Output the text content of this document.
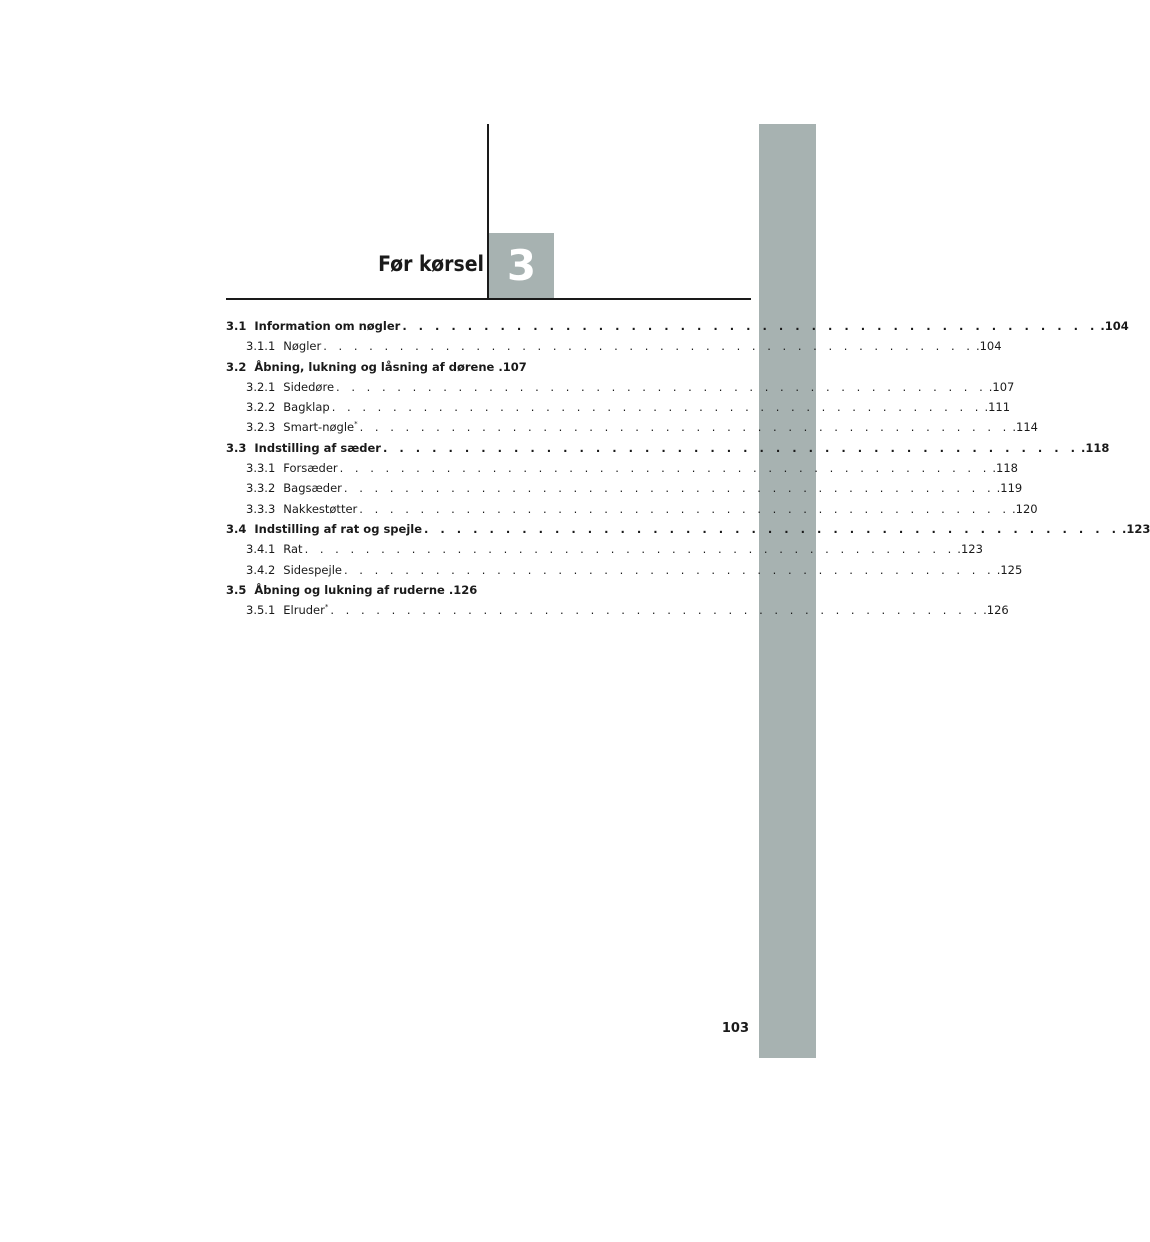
Før kørsel 3
3.1 Information om nøgler . . .	.104
3.1.1 Nøgler . . .	.104
3.2 Åbning, lukning og låsning af dørene .107
3.2.1 Sidedøre . . .	.107
3.2.2 Bagklap . . .	.111
3.2.3 Smart-nøgle* . . .	.114
3.3 Indstilling af sæder . . .	.118
3.3.1 Forsæder . . .	.118
3.3.2 Bagsæder . . .	.119
3.3.3 Nakkestøtter . . .	.120
3.4 Indstilling af rat og spejle . . .	.123
3.4.1 Rat . . .	.123
3.4.2 Sidespejle . . .	.125
3.5 Åbning og lukning af ruderne .126
3.5.1 Elruder* . . .	.126
103
